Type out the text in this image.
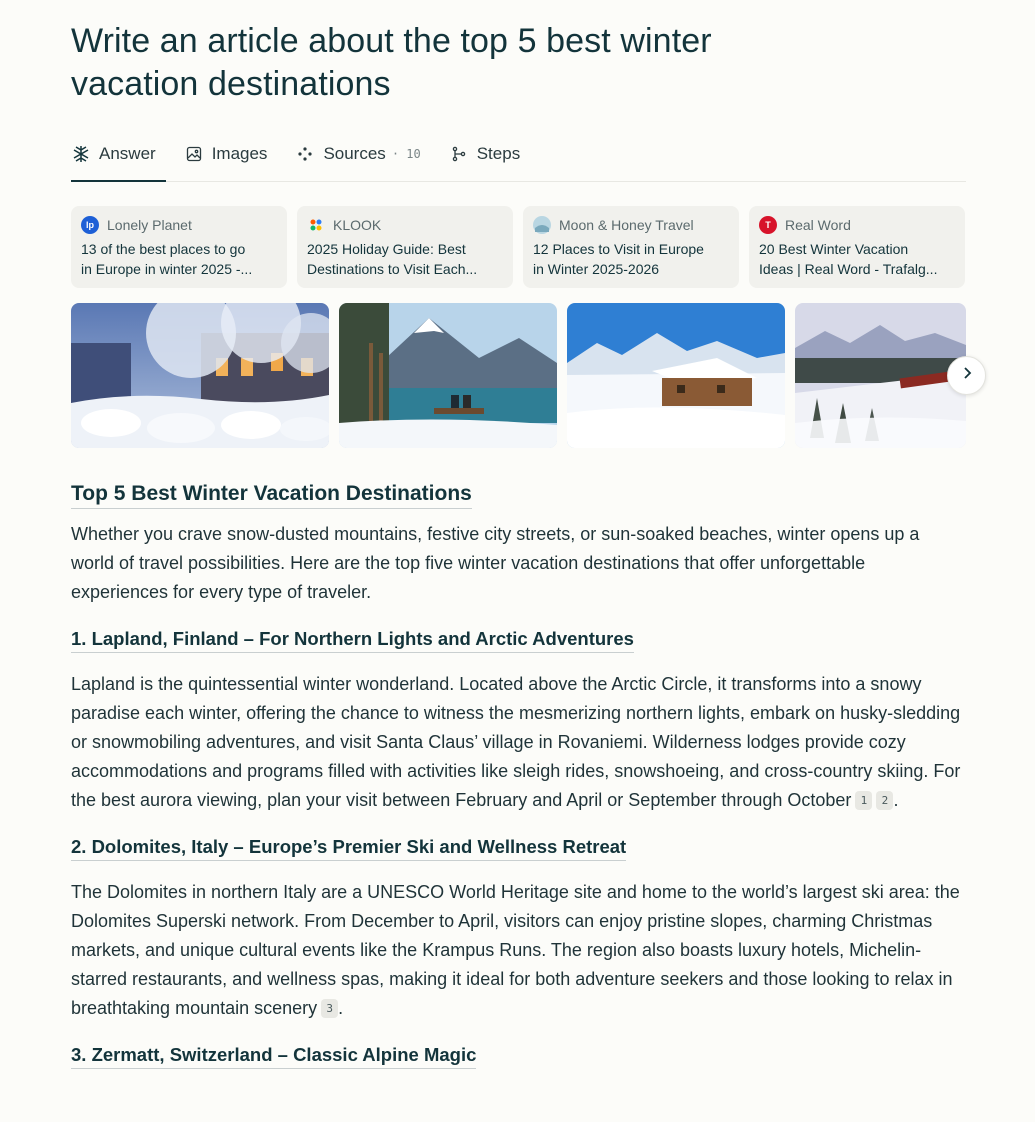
Write an article about the top 5 best winter
vacation destinations
Answer	Images	Sources · 10	Steps
lp Lonely Planet
13 of the best places to go
in Europe in winter 2025 -...
KLOOK
2025 Holiday Guide: Best
Destinations to Visit Each...
Moon & Honey Travel
12 Places to Visit in Europe
in Winter 2025-2026
T	Real Word
20 Best Winter Vacation
Ideas | Real Word - Trafalg...
Top 5 Best Winter Vacation Destinations

Whether you crave snow-dusted mountains, festive city streets, or sun-soaked beaches, winter opens up a world of travel possibilities. Here are the top five winter vacation destinations that offer unforgettable experiences for every type of traveler.

1. Lapland, Finland – For Northern Lights and Arctic Adventures

Lapland is the quintessential winter wonderland. Located above the Arctic Circle, it transforms into a snowy paradise each winter, offering the chance to witness the mesmerizing northern lights, embark on husky-sledding or snowmobiling adventures, and visit Santa Claus’ village in Rovaniemi. Wilderness lodges provide cozy accommodations and programs filled with activities like sleigh rides, snowshoeing, and cross-country skiing. For the best aurora viewing, plan your visit between February and April or September through October 1 2 .

2. Dolomites, Italy – Europe’s Premier Ski and Wellness Retreat

The Dolomites in northern Italy are a UNESCO World Heritage site and home to the world’s largest ski area: the Dolomites Superski network. From December to April, visitors can enjoy pristine slopes, charming Christmas markets, and unique cultural events like the Krampus Runs. The region also boasts luxury hotels, Michelin-starred restaurants, and wellness spas, making it ideal for both adventure seekers and those looking to relax in breathtaking mountain scenery 3 .

3. Zermatt, Switzerland – Classic Alpine Magic
